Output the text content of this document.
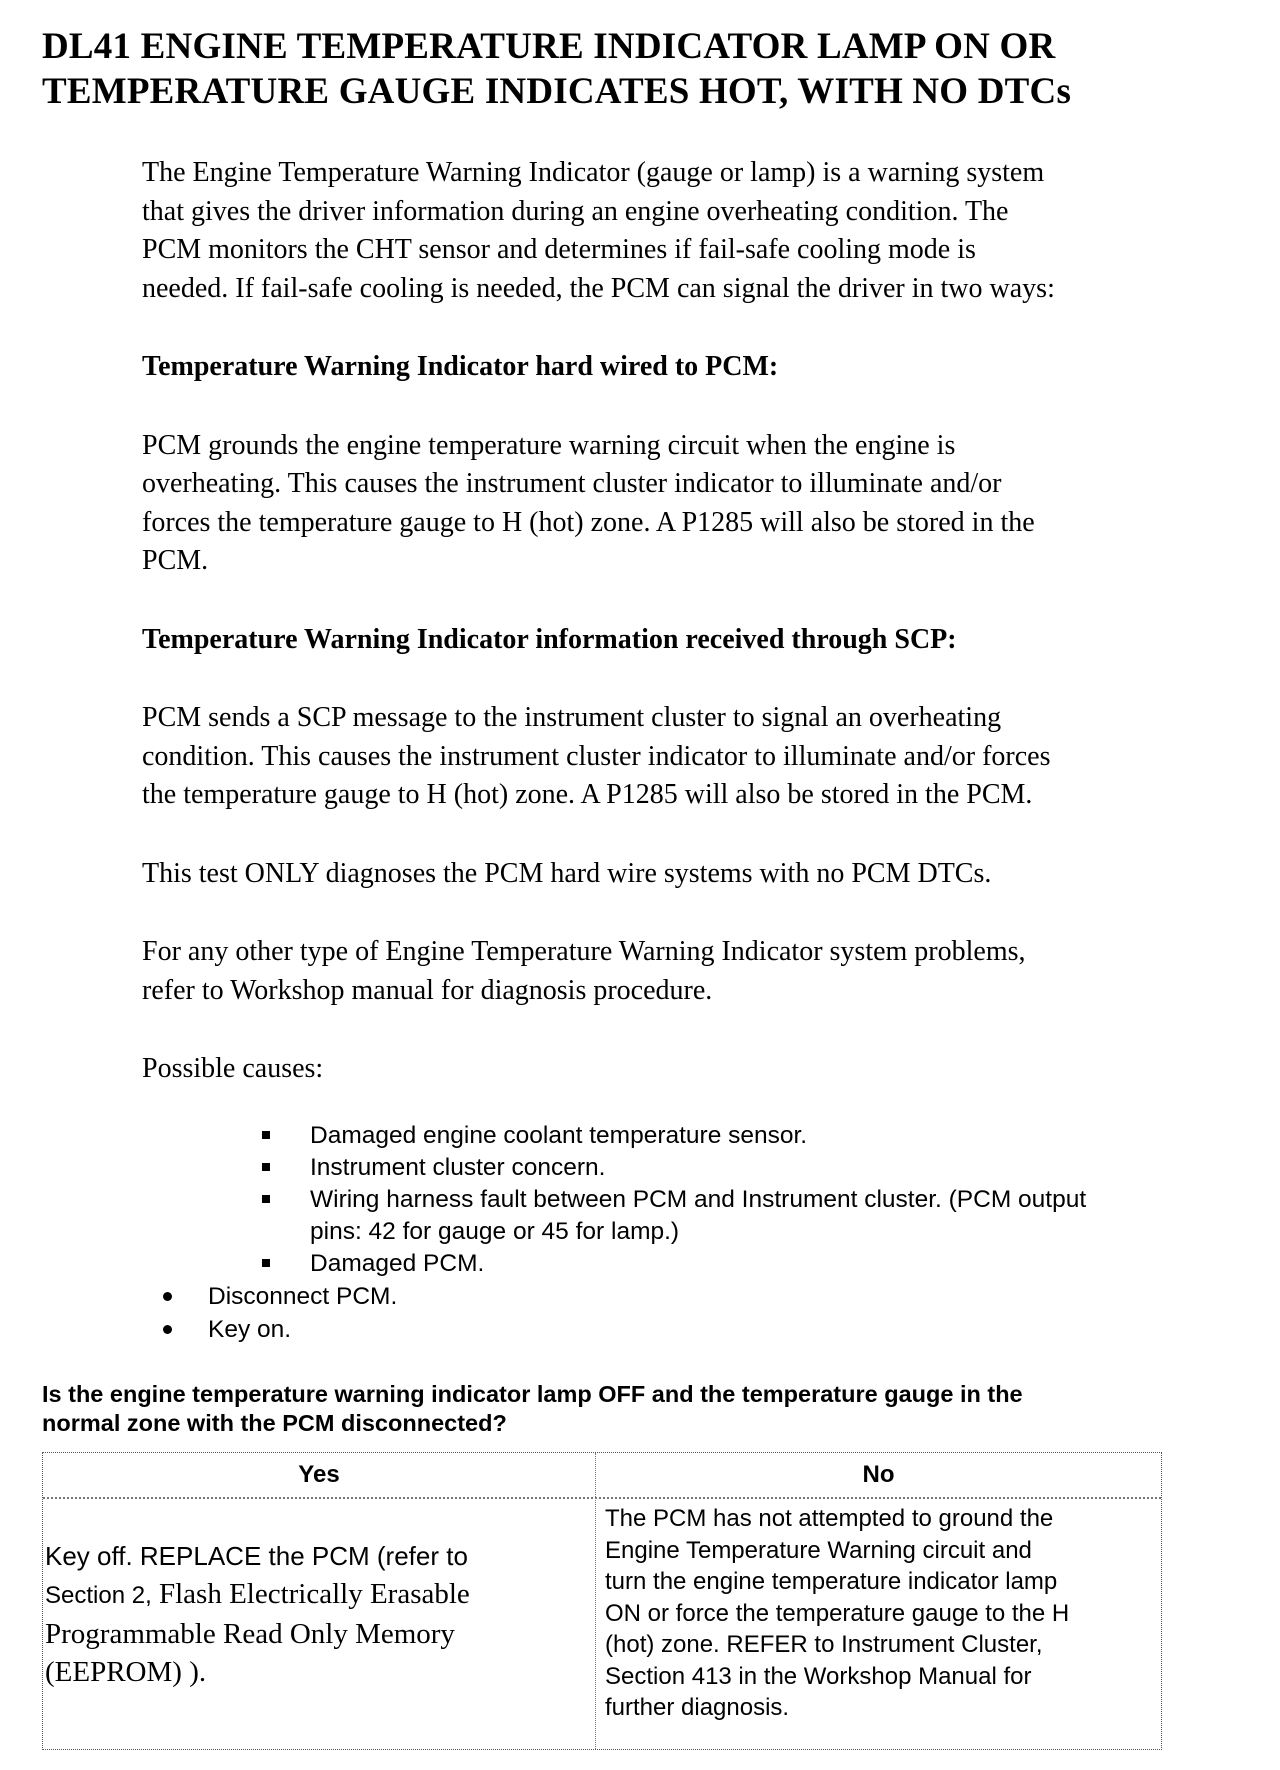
DL41 ENGINE TEMPERATURE INDICATOR LAMP ON OR
TEMPERATURE GAUGE INDICATES HOT, WITH NO DTCs
The Engine Temperature Warning Indicator (gauge or lamp) is a warning system
that gives the driver information during an engine overheating condition. The
PCM monitors the CHT sensor and determines if fail-safe cooling mode is
needed. If fail-safe cooling is needed, the PCM can signal the driver in two ways:
Temperature Warning Indicator hard wired to PCM:
PCM grounds the engine temperature warning circuit when the engine is
overheating. This causes the instrument cluster indicator to illuminate and/or
forces the temperature gauge to H (hot) zone. A P1285 will also be stored in the
PCM.
Temperature Warning Indicator information received through SCP:
PCM sends a SCP message to the instrument cluster to signal an overheating
condition. This causes the instrument cluster indicator to illuminate and/or forces
the temperature gauge to H (hot) zone. A P1285 will also be stored in the PCM.
This test ONLY diagnoses the PCM hard wire systems with no PCM DTCs.
For any other type of Engine Temperature Warning Indicator system problems,
refer to Workshop manual for diagnosis procedure.
Possible causes:
Damaged engine coolant temperature sensor.
Instrument cluster concern.
Wiring harness fault between PCM and Instrument cluster. (PCM output
pins: 42 for gauge or 45 for lamp.)
Damaged PCM.
Disconnect PCM.
Key on.
Is the engine temperature warning indicator lamp OFF and the temperature gauge in the
normal zone with the PCM disconnected?
Yes	No
Key off. REPLACE the PCM (refer to
Section 2, Flash Electrically Erasable
Programmable Read Only Memory
(EEPROM) ).
The PCM has not attempted to ground the
Engine Temperature Warning circuit and
turn the engine temperature indicator lamp
ON or force the temperature gauge to the H
(hot) zone. REFER to Instrument Cluster,
Section 413 in the Workshop Manual for
further diagnosis.
